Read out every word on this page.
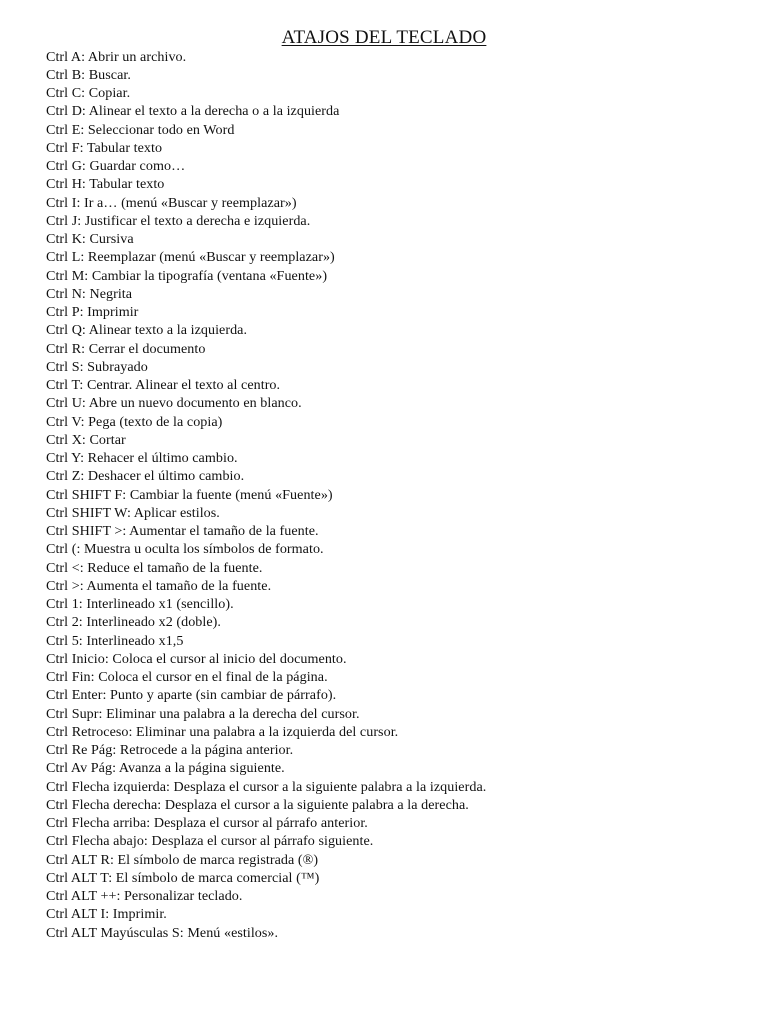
ATAJOS DEL TECLADO
Ctrl A: Abrir un archivo.
Ctrl B: Buscar.
Ctrl C: Copiar.
Ctrl D: Alinear el texto a la derecha o a la izquierda
Ctrl E: Seleccionar todo en Word
Ctrl F: Tabular texto
Ctrl G: Guardar como…
Ctrl H: Tabular texto
Ctrl I: Ir a… (menú «Buscar y reemplazar»)
Ctrl J: Justificar el texto a derecha e izquierda.
Ctrl K: Cursiva
Ctrl L: Reemplazar (menú «Buscar y reemplazar»)
Ctrl M: Cambiar la tipografía (ventana «Fuente»)
Ctrl N: Negrita
Ctrl P: Imprimir
Ctrl Q: Alinear texto a la izquierda.
Ctrl R: Cerrar el documento
Ctrl S: Subrayado
Ctrl T: Centrar. Alinear el texto al centro.
Ctrl U: Abre un nuevo documento en blanco.
Ctrl V: Pega (texto de la copia)
Ctrl X: Cortar
Ctrl Y: Rehacer el último cambio.
Ctrl Z: Deshacer el último cambio.
Ctrl SHIFT F: Cambiar la fuente (menú «Fuente»)
Ctrl SHIFT W: Aplicar estilos.
Ctrl SHIFT >: Aumentar el tamaño de la fuente.
Ctrl (: Muestra u oculta los símbolos de formato.
Ctrl <: Reduce el tamaño de la fuente.
Ctrl >: Aumenta el tamaño de la fuente.
Ctrl 1: Interlineado x1 (sencillo).
Ctrl 2: Interlineado x2 (doble).
Ctrl 5: Interlineado x1,5
Ctrl Inicio: Coloca el cursor al inicio del documento.
Ctrl Fin: Coloca el cursor en el final de la página.
Ctrl Enter: Punto y aparte (sin cambiar de párrafo).
Ctrl Supr: Eliminar una palabra a la derecha del cursor.
Ctrl Retroceso: Eliminar una palabra a la izquierda del cursor.
Ctrl Re Pág: Retrocede a la página anterior.
Ctrl Av Pág: Avanza a la página siguiente.
Ctrl Flecha izquierda: Desplaza el cursor a la siguiente palabra a la izquierda.
Ctrl Flecha derecha: Desplaza el cursor a la siguiente palabra a la derecha.
Ctrl Flecha arriba: Desplaza el cursor al párrafo anterior.
Ctrl Flecha abajo: Desplaza el cursor al párrafo siguiente.
Ctrl ALT R: El símbolo de marca registrada (®)
Ctrl ALT T: El símbolo de marca comercial (™)
Ctrl ALT ++: Personalizar teclado.
Ctrl ALT I: Imprimir.
Ctrl ALT Mayúsculas S: Menú «estilos».
